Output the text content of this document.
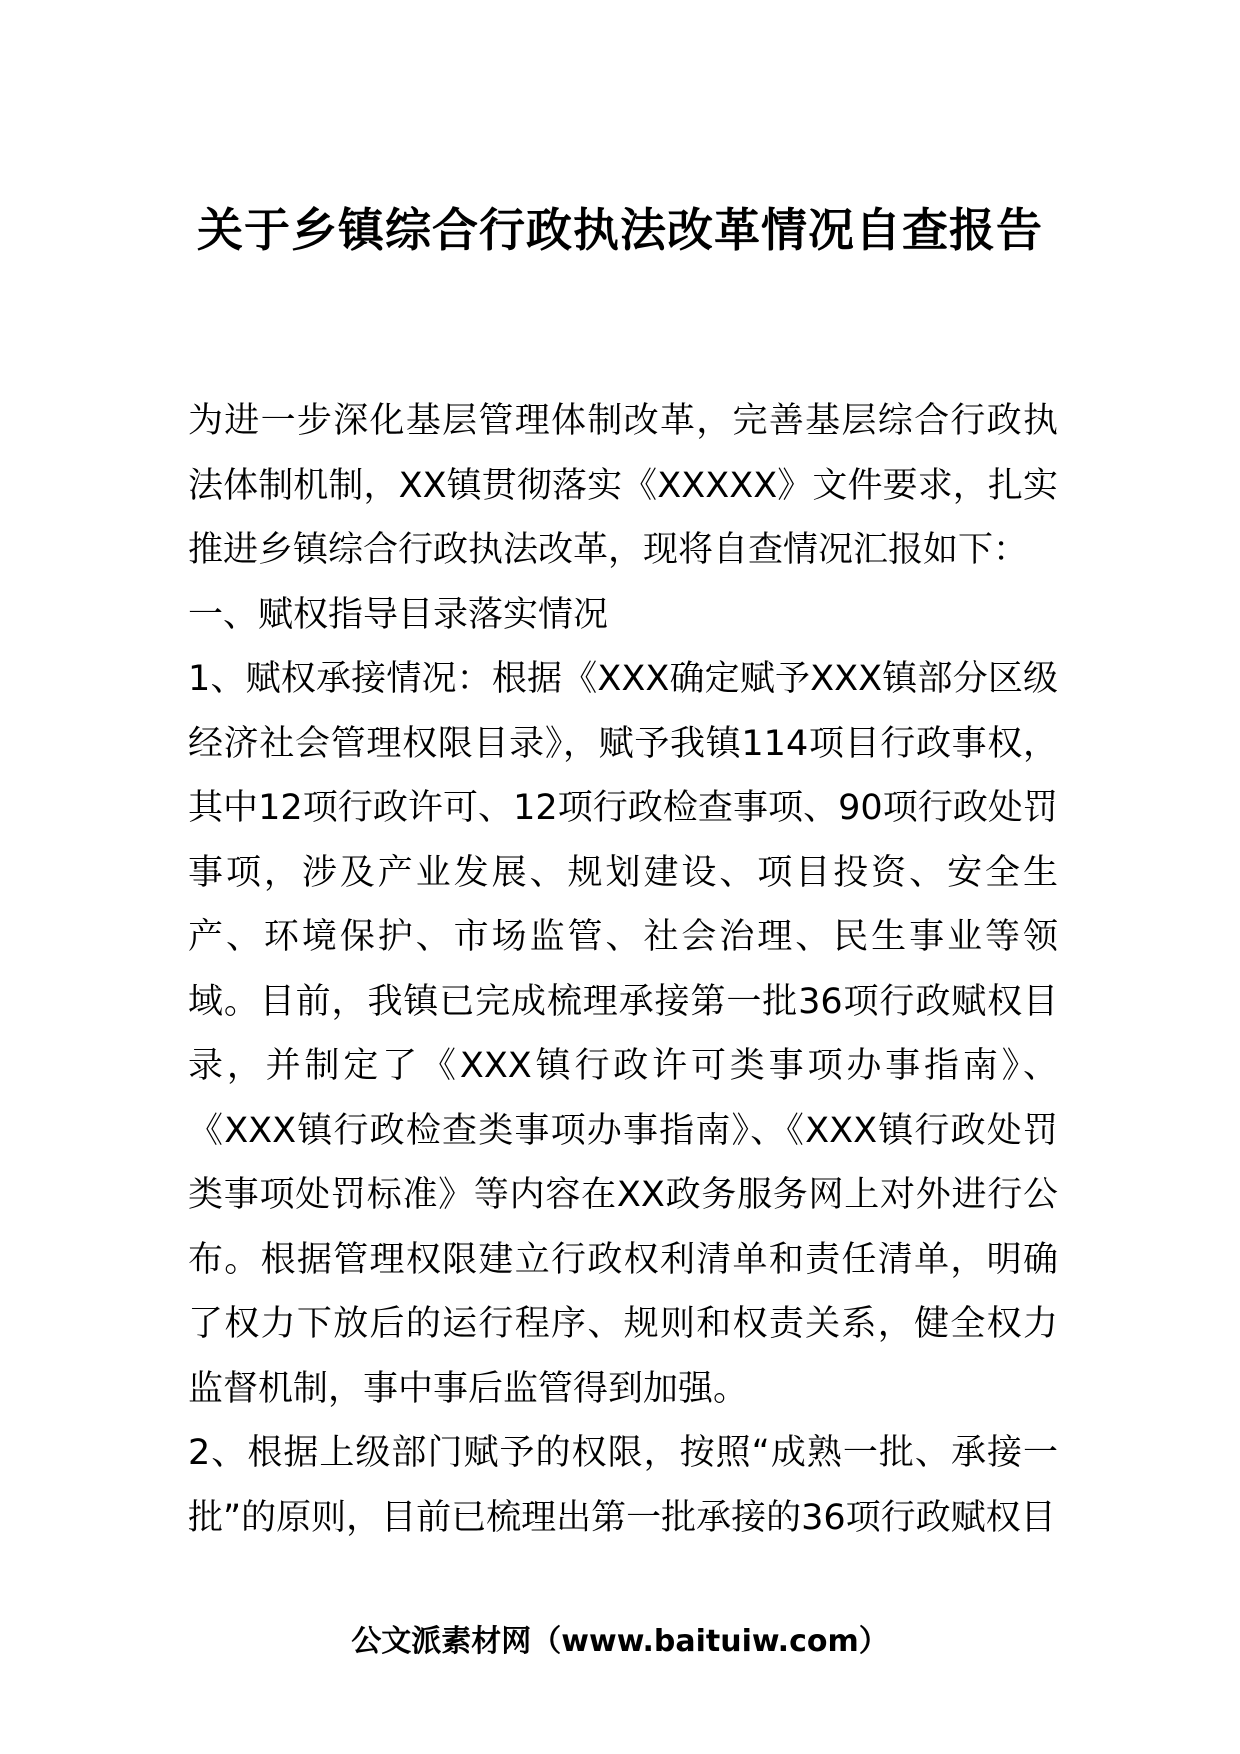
关于乡镇综合行政执法改革情况自查报告

为进一步深化基层管理体制改革，完善基层综合行政执法体制机制，XX镇贯彻落实《XXXXX》文件要求，扎实推进乡镇综合行政执法改革，现将自查情况汇报如下：

一、赋权指导目录落实情况

1、赋权承接情况：根据《XXX确定赋予XXX镇部分区级经济社会管理权限目录》，赋予我镇114项目行政事权，其中12项行政许可、12项行政检查事项、90项行政处罚事项，涉及产业发展、规划建设、项目投资、安全生产、环境保护、市场监管、社会治理、民生事业等领域。目前，我镇已完成梳理承接第一批36项行政赋权目录，并制定了《XXX镇行政许可类事项办事指南》、《XXX镇行政检查类事项办事指南》、《XXX镇行政处罚类事项处罚标准》等内容在XX政务服务网上对外进行公布。根据管理权限建立行政权利清单和责任清单，明确了权力下放后的运行程序、规则和权责关系，健全权力监督机制，事中事后监管得到加强。

2、根据上级部门赋予的权限，按照“成熟一批、承接一批”的原则，目前已梳理出第一批承接的36项行政赋权目

公文派素材网（www.baituiw.com）
